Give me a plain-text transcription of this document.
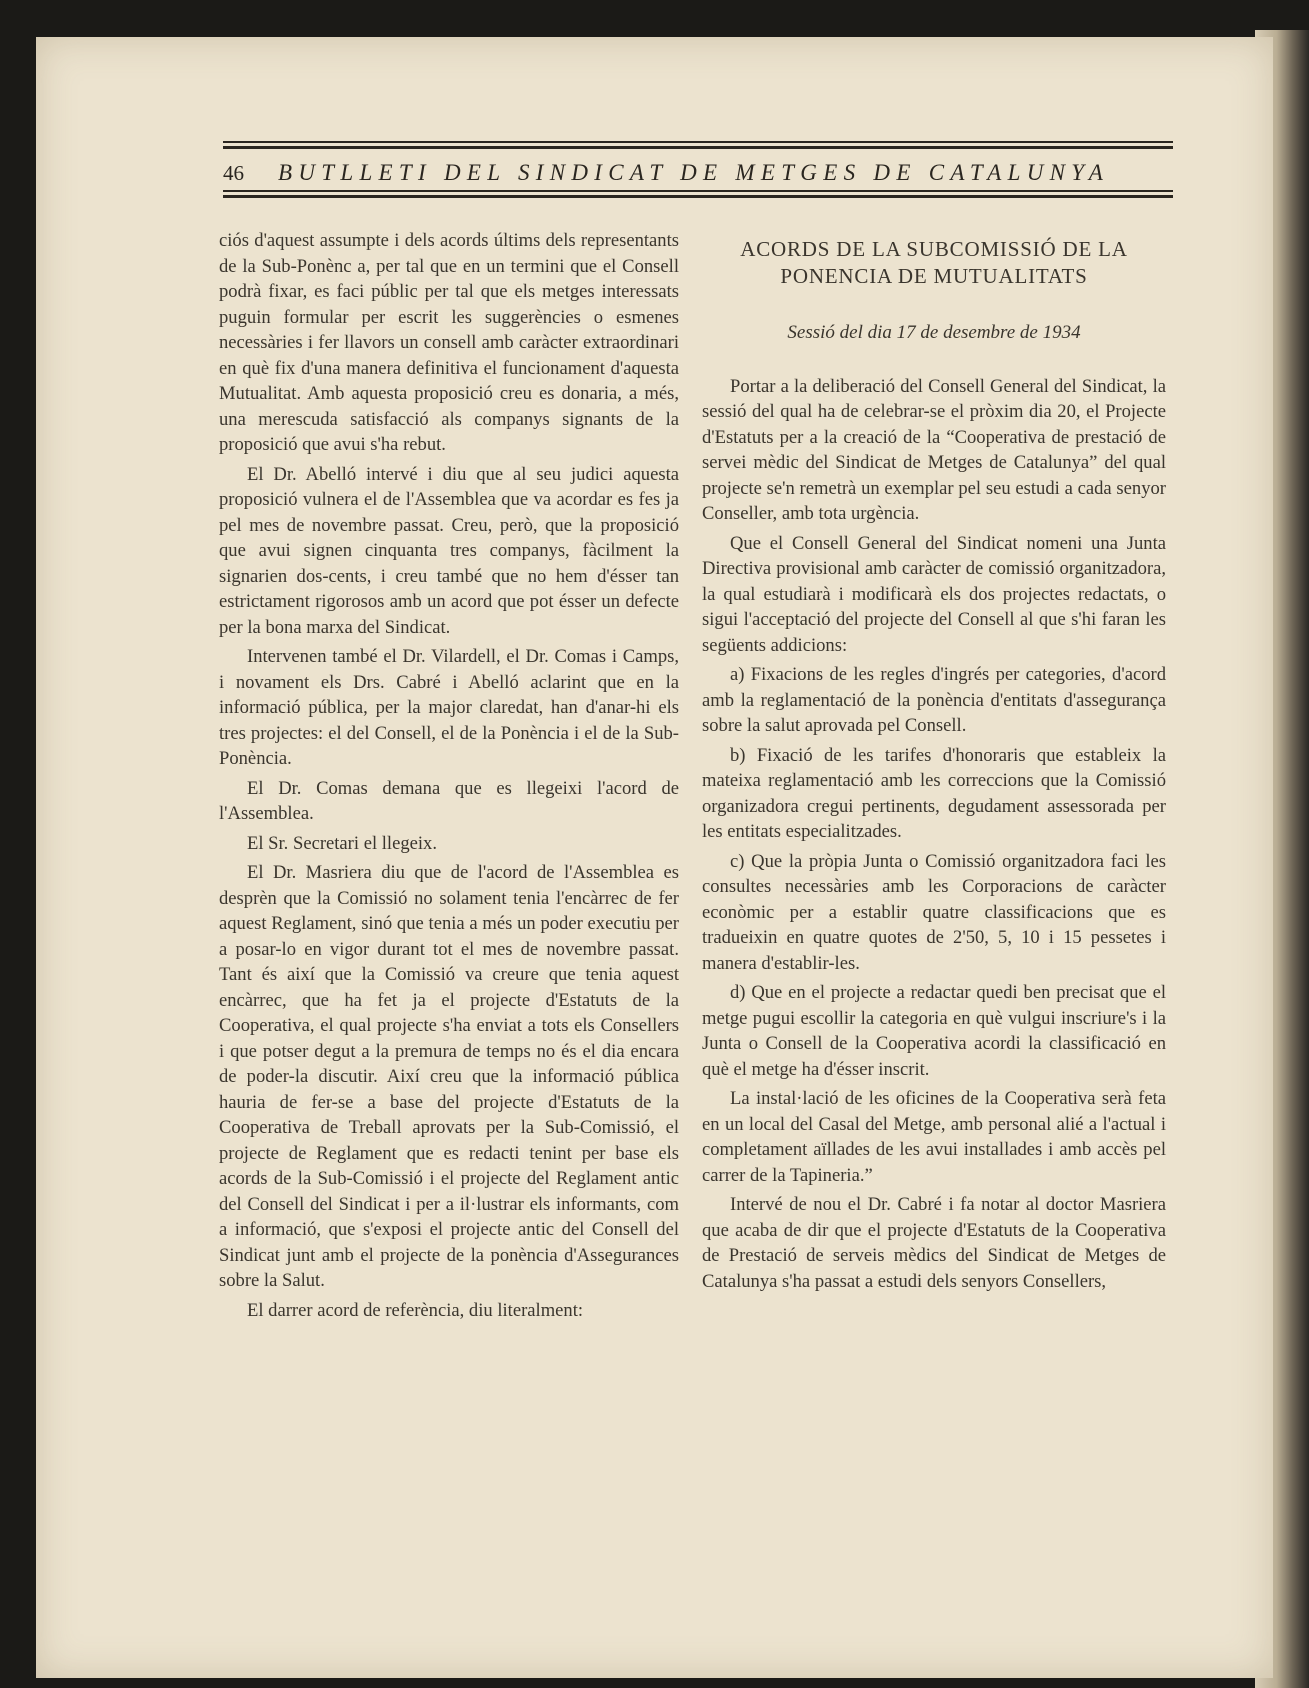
46 BUTLLETI DEL SINDICAT DE METGES DE CATALUNYA

ciós d'aquest assumpte i dels acords últims dels representants de la Sub-Ponènc a, per tal que en un termini que el Consell podrà fixar, es faci públic per tal que els metges interessats puguin formular per escrit les suggerències o esmenes necessàries i fer llavors un consell amb caràcter extraordinari en què fix d'una manera definitiva el funcionament d'aquesta Mutualitat. Amb aquesta proposició creu es donaria, a més, una merescuda satisfacció als companys signants de la proposició que avui s'ha rebut.

El Dr. Abelló intervé i diu que al seu judici aquesta proposició vulnera el de l'Assemblea que va acordar es fes ja pel mes de novembre passat. Creu, però, que la proposició que avui signen cinquanta tres companys, fàcilment la signarien dos-cents, i creu també que no hem d'ésser tan estrictament rigorosos amb un acord que pot ésser un defecte per la bona marxa del Sindicat.

Intervenen també el Dr. Vilardell, el Dr. Comas i Camps, i novament els Drs. Cabré i Abelló aclarint que en la informació pública, per la major claredat, han d'anar-hi els tres projectes: el del Consell, el de la Ponència i el de la Sub-Ponència.

El Dr. Comas demana que es llegeixi l'acord de l'Assemblea.

El Sr. Secretari el llegeix.

El Dr. Masriera diu que de l'acord de l'Assemblea es desprèn que la Comissió no solament tenia l'encàrrec de fer aquest Reglament, sinó que tenia a més un poder executiu per a posar-lo en vigor durant tot el mes de novembre passat. Tant és així que la Comissió va creure que tenia aquest encàrrec, que ha fet ja el projecte d'Estatuts de la Cooperativa, el qual projecte s'ha enviat a tots els Consellers i que potser degut a la premura de temps no és el dia encara de poder-la discutir. Així creu que la informació pública hauria de fer-se a base del projecte d'Estatuts de la Cooperativa de Treball aprovats per la Sub-Comissió, el projecte de Reglament que es redacti tenint per base els acords de la Sub-Comissió i el projecte del Reglament antic del Consell del Sindicat i per a il·lustrar els informants, com a informació, que s'exposi el projecte antic del Consell del Sindicat junt amb el projecte de la ponència d'Assegurances sobre la Salut.

El darrer acord de referència, diu literalment:

ACORDS DE LA SUBCOMISSIÓ DE LA PONENCIA DE MUTUALITATS
Sessió del dia 17 de desembre de 1934

Portar a la deliberació del Consell General del Sindicat, la sessió del qual ha de celebrar-se el pròxim dia 20, el Projecte d'Estatuts per a la creació de la “Cooperativa de prestació de servei mèdic del Sindicat de Metges de Catalunya” del qual projecte se'n remetrà un exemplar pel seu estudi a cada senyor Conseller, amb tota urgència.

Que el Consell General del Sindicat nomeni una Junta Directiva provisional amb caràcter de comissió organitzadora, la qual estudiarà i modificarà els dos projectes redactats, o sigui l'acceptació del projecte del Consell al que s'hi faran les següents addicions:

a) Fixacions de les regles d'ingrés per categories, d'acord amb la reglamentació de la ponència d'entitats d'assegurança sobre la salut aprovada pel Consell.

b) Fixació de les tarifes d'honoraris que estableix la mateixa reglamentació amb les correccions que la Comissió organizadora cregui pertinents, degudament assessorada per les entitats especialitzades.

c) Que la pròpia Junta o Comissió organitzadora faci les consultes necessàries amb les Corporacions de caràcter econòmic per a establir quatre classificacions que es tradueixin en quatre quotes de 2'50, 5, 10 i 15 pessetes i manera d'establir-les.

d) Que en el projecte a redactar quedi ben precisat que el metge pugui escollir la categoria en què vulgui inscriure's i la Junta o Consell de la Cooperativa acordi la classificació en què el metge ha d'ésser inscrit.

La instal·lació de les oficines de la Cooperativa serà feta en un local del Casal del Metge, amb personal alié a l'actual i completament aïllades de les avui installades i amb accès pel carrer de la Tapineria.”

Intervé de nou el Dr. Cabré i fa notar al doctor Masriera que acaba de dir que el projecte d'Estatuts de la Cooperativa de Prestació de serveis mèdics del Sindicat de Metges de Catalunya s'ha passat a estudi dels senyors Consellers,
